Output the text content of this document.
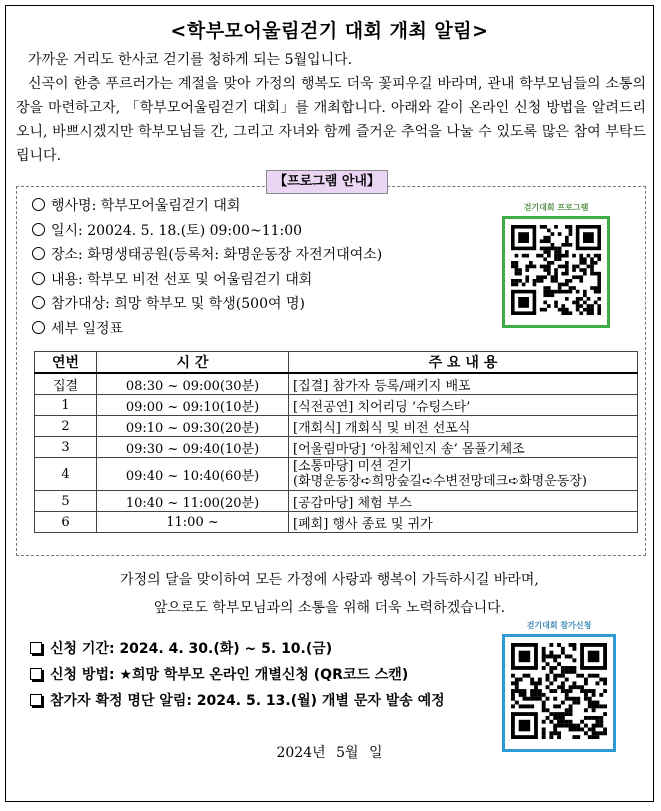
<학부모어울림걷기 대회 개최 알림>

가까운 거리도 한사코 걷기를 청하게 되는 5월입니다.

신곡이 한층 푸르러가는 계절을 맞아 가정의 행복도 더욱 꽃피우길 바라며, 관내 학부모님들의 소통의 장을 마련하고자, 「학부모어울림걷기 대회」를 개최합니다. 아래와 같이 온라인 신청 방법을 알려드리오니, 바쁘시겠지만 학부모님들 간, 그리고 자녀와 함께 즐거운 추억을 나눌 수 있도록 많은 참여 부탁드립니다.

【프로그램 안내】
행사명: 학부모어울림걷기 대회
일시: 20024. 5. 18.(토) 09:00~11:00
장소: 화명생태공원(등록처: 화명운동장 자전거대여소)
내용: 학부모 비전 선포 및 어울림걷기 대회
참가대상: 희망 학부모 및 학생(500여 명)
세부 일정표
걷기대회 프로그램
연번	시 간	주 요 내 용
집결	08:30 ~ 09:00(30분)	[집결] 참가자 등록/패키지 배포
1	09:00 ~ 09:10(10분)	[식전공연] 치어리딩 ‘슈팅스타’
2	09:10 ~ 09:30(20분)	[개회식] 개회식 및 비전 선포식
3	09:30 ~ 09:40(10분)	[어울림마당] ‘아침체인지 송’ 몸풀기체조
4	09:40 ~ 10:40(60분)	[소통마당] 미션 걷기
(화명운동장➪희망숲길➪수변전망데크➪화명운동장)

5	10:40 ~ 11:00(20분)	[공감마당] 체험 부스
6	11:00 ~	[폐회] 행사 종료 및 귀가
가정의 달을 맞이하여 모든 가정에 사랑과 행복이 가득하시길 바라며,
앞으로도 학부모님과의 소통을 위해 더욱 노력하겠습니다.
신청 기간: 2024. 4. 30.(화) ~ 5. 10.(금)
신청 방법: ★희망 학부모 온라인 개별신청 (QR코드 스캔)
참가자 확정 명단 알림: 2024. 5. 13.(월) 개별 문자 발송 예정
걷기대회 참가신청
2024년 5월 일
